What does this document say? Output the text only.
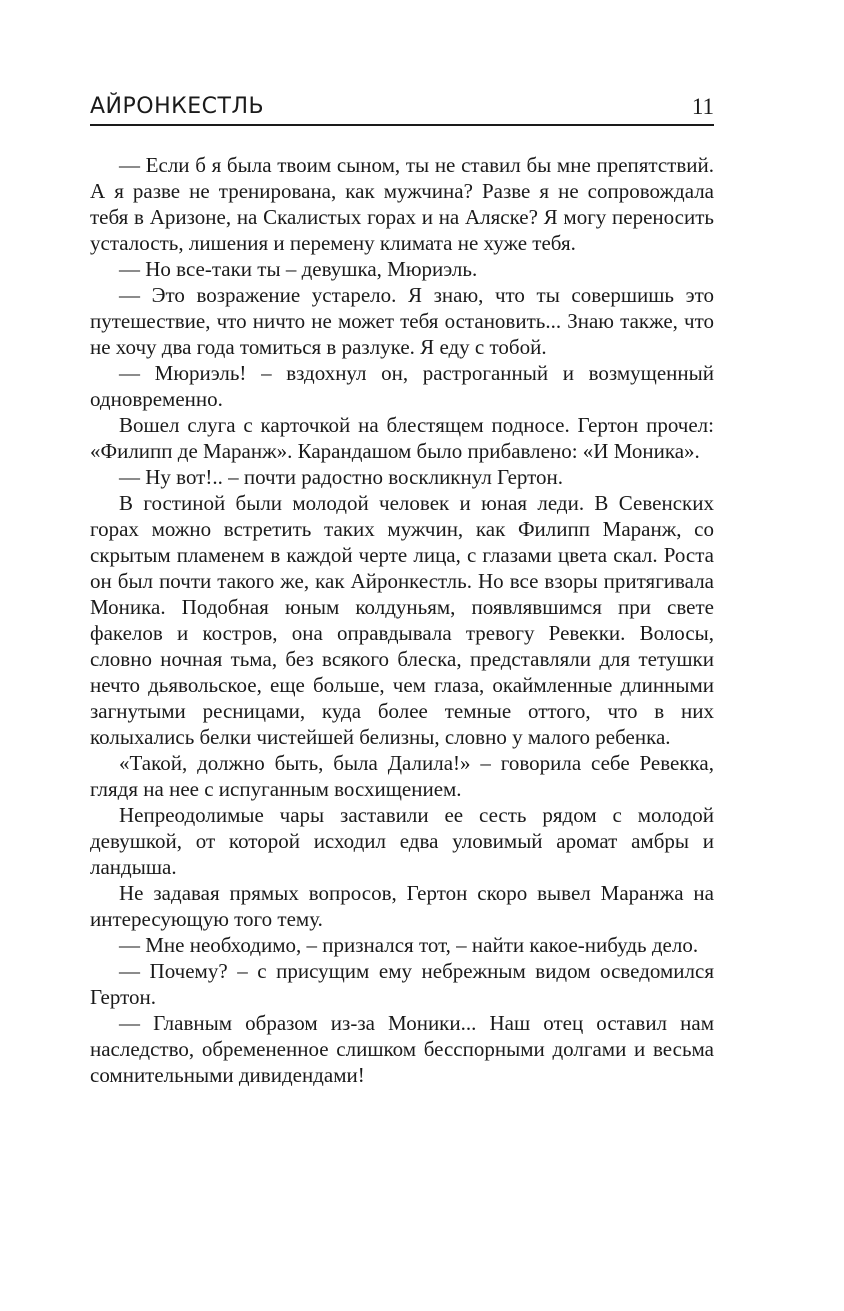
АЙРОНКЕСТЛЬ	11

— Если б я была твоим сыном, ты не ставил бы мне препятствий. А я разве не тренирована, как мужчина? Разве я не сопровождала тебя в Аризоне, на Скалистых горах и на Аляске? Я могу переносить усталость, лишения и перемену климата не хуже тебя.

— Но все-таки ты – девушка, Мюриэль.

— Это возражение устарело. Я знаю, что ты совершишь это путешествие, что ничто не может тебя остановить... Знаю также, что не хочу два года томиться в разлуке. Я еду с тобой.

— Мюриэль! – вздохнул он, растроганный и возмущенный одновременно.

Вошел слуга с карточкой на блестящем подносе. Гертон прочел: «Филипп де Маранж». Карандашом было прибавлено: «И Моника».

— Ну вот!.. – почти радостно воскликнул Гертон.

В гостиной были молодой человек и юная леди. В Севенских горах можно встретить таких мужчин, как Филипп Маранж, со скрытым пламенем в каждой черте лица, с глазами цвета скал. Роста он был почти такого же, как Айронкестль. Но все взоры притягивала Моника. Подобная юным колдуньям, появлявшимся при свете факелов и костров, она оправдывала тревогу Ревекки. Волосы, словно ночная тьма, без всякого блеска, представляли для тетушки нечто дьявольское, еще больше, чем глаза, окаймленные длинными загнутыми ресницами, куда более темные оттого, что в них колыхались белки чистейшей белизны, словно у малого ребенка.

«Такой, должно быть, была Далила!» – говорила себе Ревекка, глядя на нее с испуганным восхищением.

Непреодолимые чары заставили ее сесть рядом с молодой девушкой, от которой исходил едва уловимый аромат амбры и ландыша.

Не задавая прямых вопросов, Гертон скоро вывел Маранжа на интересующую того тему.

— Мне необходимо, – признался тот, – найти какое-нибудь дело.

— Почему? – с присущим ему небрежным видом осведомился Гертон.

— Главным образом из-за Моники... Наш отец оставил нам наследство, обремененное слишком бесспорными долгами и весьма сомнительными дивидендами!
